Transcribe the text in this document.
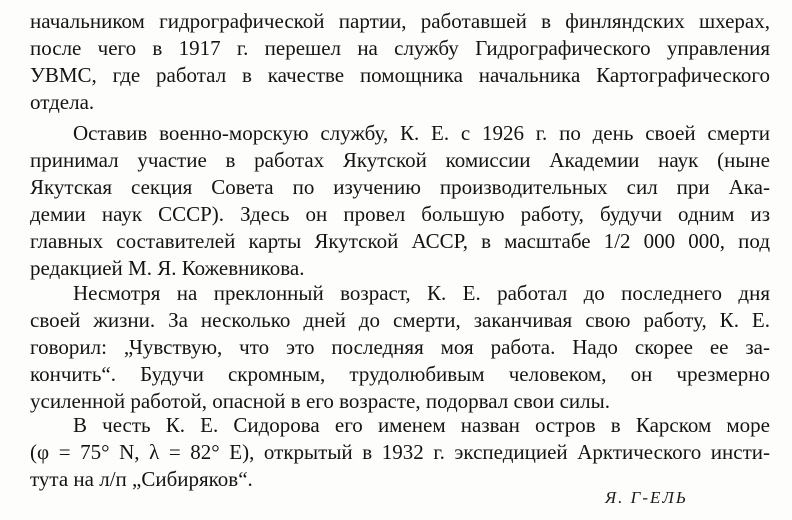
начальником гидрографической партии, работавшей в финляндских шхерах,
после чего в 1917 г. перешел на службу Гидрографического управления
УВМС, где работал в качестве помощника начальника Картографического
отдела.
Оставив военно-морскую службу, К. Е. с 1926 г. по день своей смерти
принимал участие в работах Якутской комиссии Академии наук (ныне
Якутская секция Совета по изучению производительных сил при Ака-
демии наук СССР). Здесь он провел большую работу, будучи одним из
главных составителей карты Якутской АССР, в масштабе 1/2 000 000, под
редакцией М. Я. Кожевникова.
Несмотря на преклонный возраст, К. Е. работал до последнего дня
своей жизни. За несколько дней до смерти, заканчивая свою работу, К. Е.
говорил: „Чувствую, что это последняя моя работа. Надо скорее ее за-
кончить“. Будучи скромным, трудолюбивым человеком, он чрезмерно
усиленной работой, опасной в его возрасте, подорвал свои силы.
В честь К. Е. Сидорова его именем назван остров в Карском море
(φ = 75° N, λ = 82° E), открытый в 1932 г. экспедицией Арктического инсти-
тута на л/п „Сибиряков“.
Я. Г-ЕЛЬ
